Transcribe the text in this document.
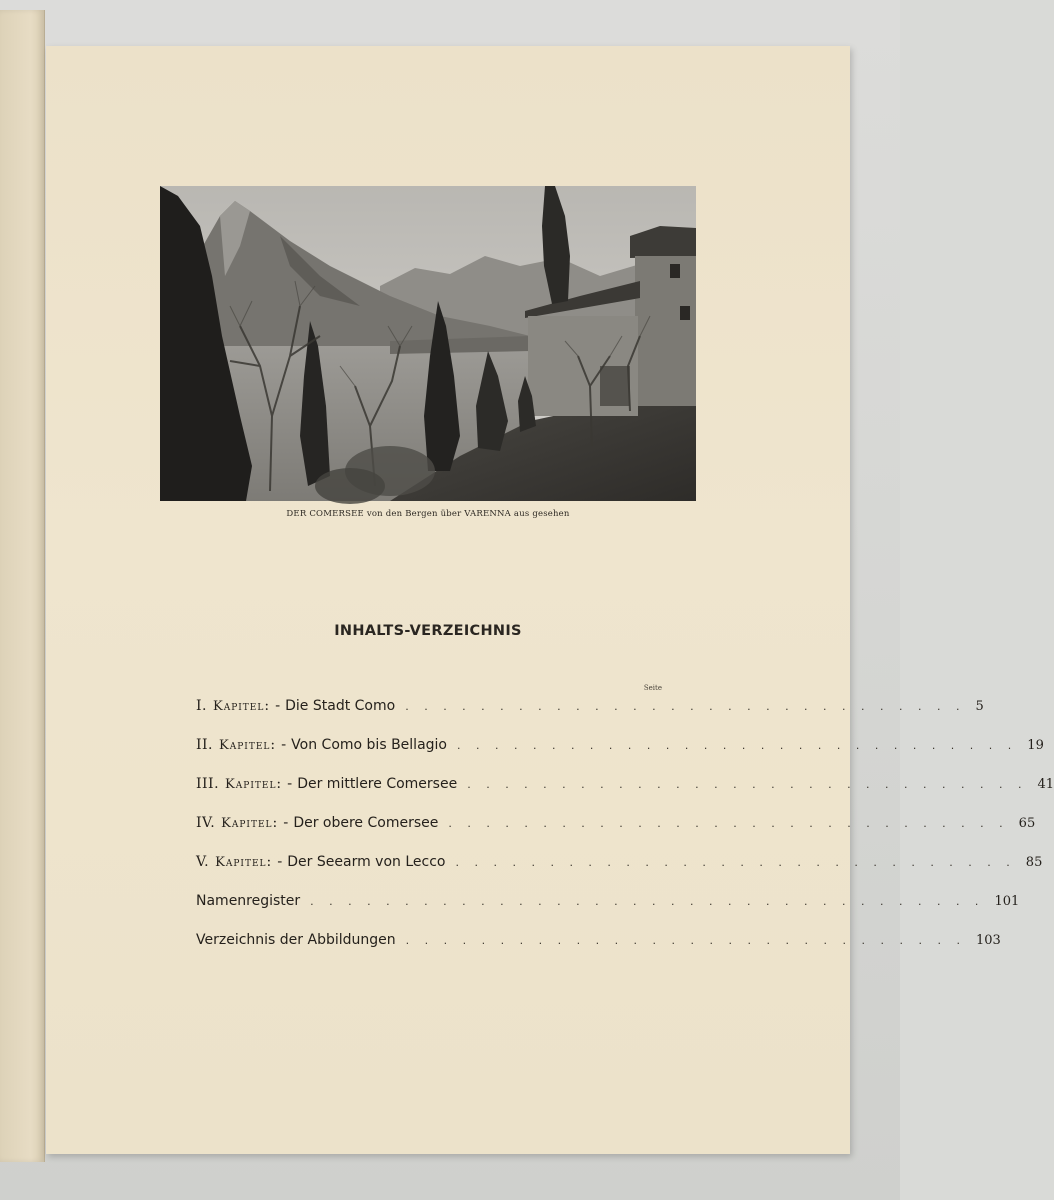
DER COMERSEE von den Bergen über VARENNA aus gesehen
INHALTS-VERZEICHNIS
Seite
I. Kapitel : - Die Stadt Como . . . . . . . . . . . . . . . . . . . . . . . . . . . . . . 5
II. Kapitel : - Von Como bis Bellagio . . . . . . . . . . . . . . . . . . . . . . . . . . . . . . 19
III. Kapitel : - Der mittlere Comersee . . . . . . . . . . . . . . . . . . . . . . . . . . . . . . 41
IV. Kapitel : - Der obere Comersee . . . . . . . . . . . . . . . . . . . . . . . . . . . . . . 65
V. Kapitel : - Der Seearm von Lecco . . . . . . . . . . . . . . . . . . . . . . . . . . . . . . 85
Namenregister . . . . . . . . . . . . . . . . . . . . . . . . . . . . . . . . . . . . 101
Verzeichnis der Abbildungen . . . . . . . . . . . . . . . . . . . . . . . . . . . . . . 103
